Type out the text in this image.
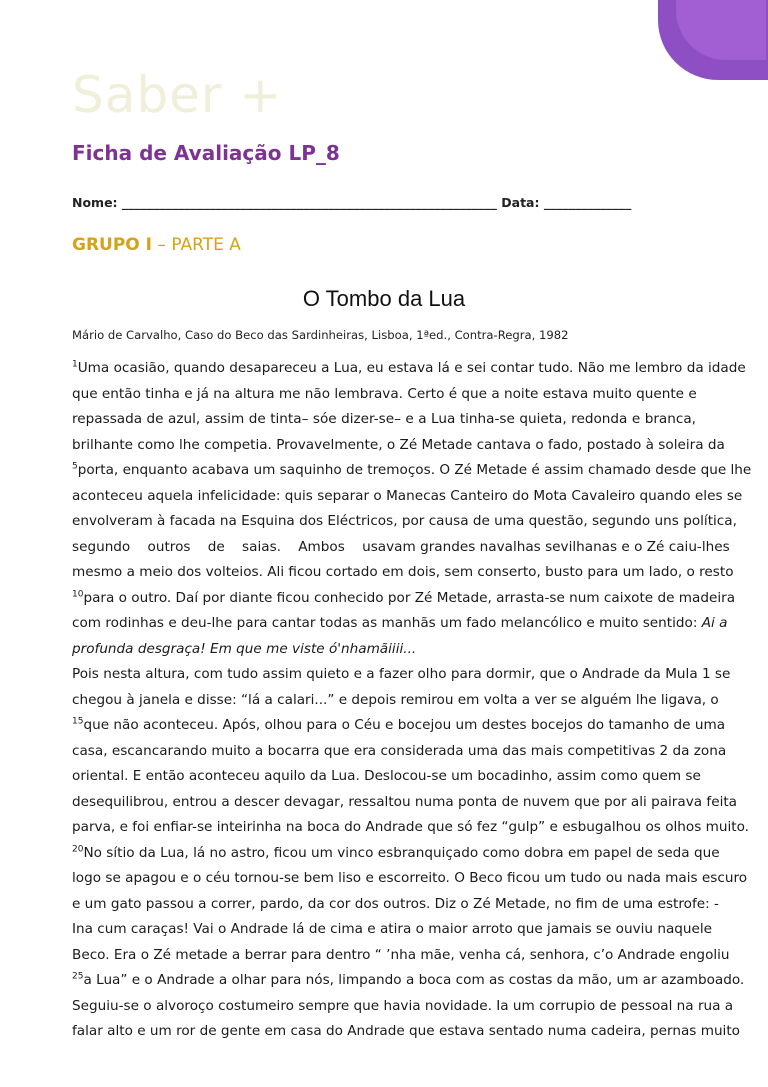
Saber +
Ficha de Avaliação LP_8
Nome: ____________________________________________________________ Data: ______________
GRUPO I – PARTE A
O Tombo da Lua
Mário de Carvalho, Caso do Beco das Sardinheiras, Lisboa, 1ªed., Contra-Regra, 1982
$^1$Uma ocasião, quando desapareceu a Lua, eu estava lá e sei contar tudo. Não me lembro da idade
que então tinha e já na altura me não lembrava. Certo é que a noite estava muito quente e
repassada de azul, assim de tinta– sóe dizer-se– e a Lua tinha-se quieta, redonda e branca,
brilhante como lhe competia. Provavelmente, o Zé Metade cantava o fado, postado à soleira da
$^5$porta, enquanto acabava um saquinho de tremoços. O Zé Metade é assim chamado desde que lhe
aconteceu aquela infelicidade: quis separar o Manecas Canteiro do Mota Cavaleiro quando eles se
envolveram à facada na Esquina dos Eléctricos, por causa de uma questão, segundo uns política,
segundo    outros    de    saias.    Ambos    usavam grandes navalhas sevilhanas e o Zé caiu-lhes
mesmo a meio dos volteios. Ali ficou cortado em dois, sem conserto, busto para um lado, o resto
$^{10}$para o outro. Daí por diante ficou conhecido por Zé Metade, arrasta-se num caixote de madeira
com rodinhas e deu-lhe para cantar todas as manhãs um fado melancólico e muito sentido: Ai a
profunda desgraça! Em que me viste ó'nhamãiiii...
Pois nesta altura, com tudo assim quieto e a fazer olho para dormir, que o Andrade da Mula 1 se
chegou à janela e disse: “lá a calari...” e depois remirou em volta a ver se alguém lhe ligava, o
$^{15}$que não aconteceu. Após, olhou para o Céu e bocejou um destes bocejos do tamanho de uma
casa, escancarando muito a bocarra que era considerada uma das mais competitivas 2 da zona
oriental. E então aconteceu aquilo da Lua. Deslocou-se um bocadinho, assim como quem se
desequilibrou, entrou a descer devagar, ressaltou numa ponta de nuvem que por ali pairava feita
parva, e foi enfiar-se inteirinha na boca do Andrade que só fez “gulp” e esbugalhou os olhos muito.
$^{20}$No sítio da Lua, lá no astro, ficou um vinco esbranquiçado como dobra em papel de seda que
logo se apagou e o céu tornou-se bem liso e escorreito. O Beco ficou um tudo ou nada mais escuro
e um gato passou a correr, pardo, da cor dos outros. Diz o Zé Metade, no fim de uma estrofe: -
Ina cum caraças! Vai o Andrade lá de cima e atira o maior arroto que jamais se ouviu naquele
Beco. Era o Zé metade a berrar para dentro “ ’nha mãe, venha cá, senhora, c’o Andrade engoliu
$^{25}$a Lua” e o Andrade a olhar para nós, limpando a boca com as costas da mão, um ar azamboado.
Seguiu-se o alvoroço costumeiro sempre que havia novidade. Ia um corrupio de pessoal na rua a
falar alto e um ror de gente em casa do Andrade que estava sentado numa cadeira, pernas muito
